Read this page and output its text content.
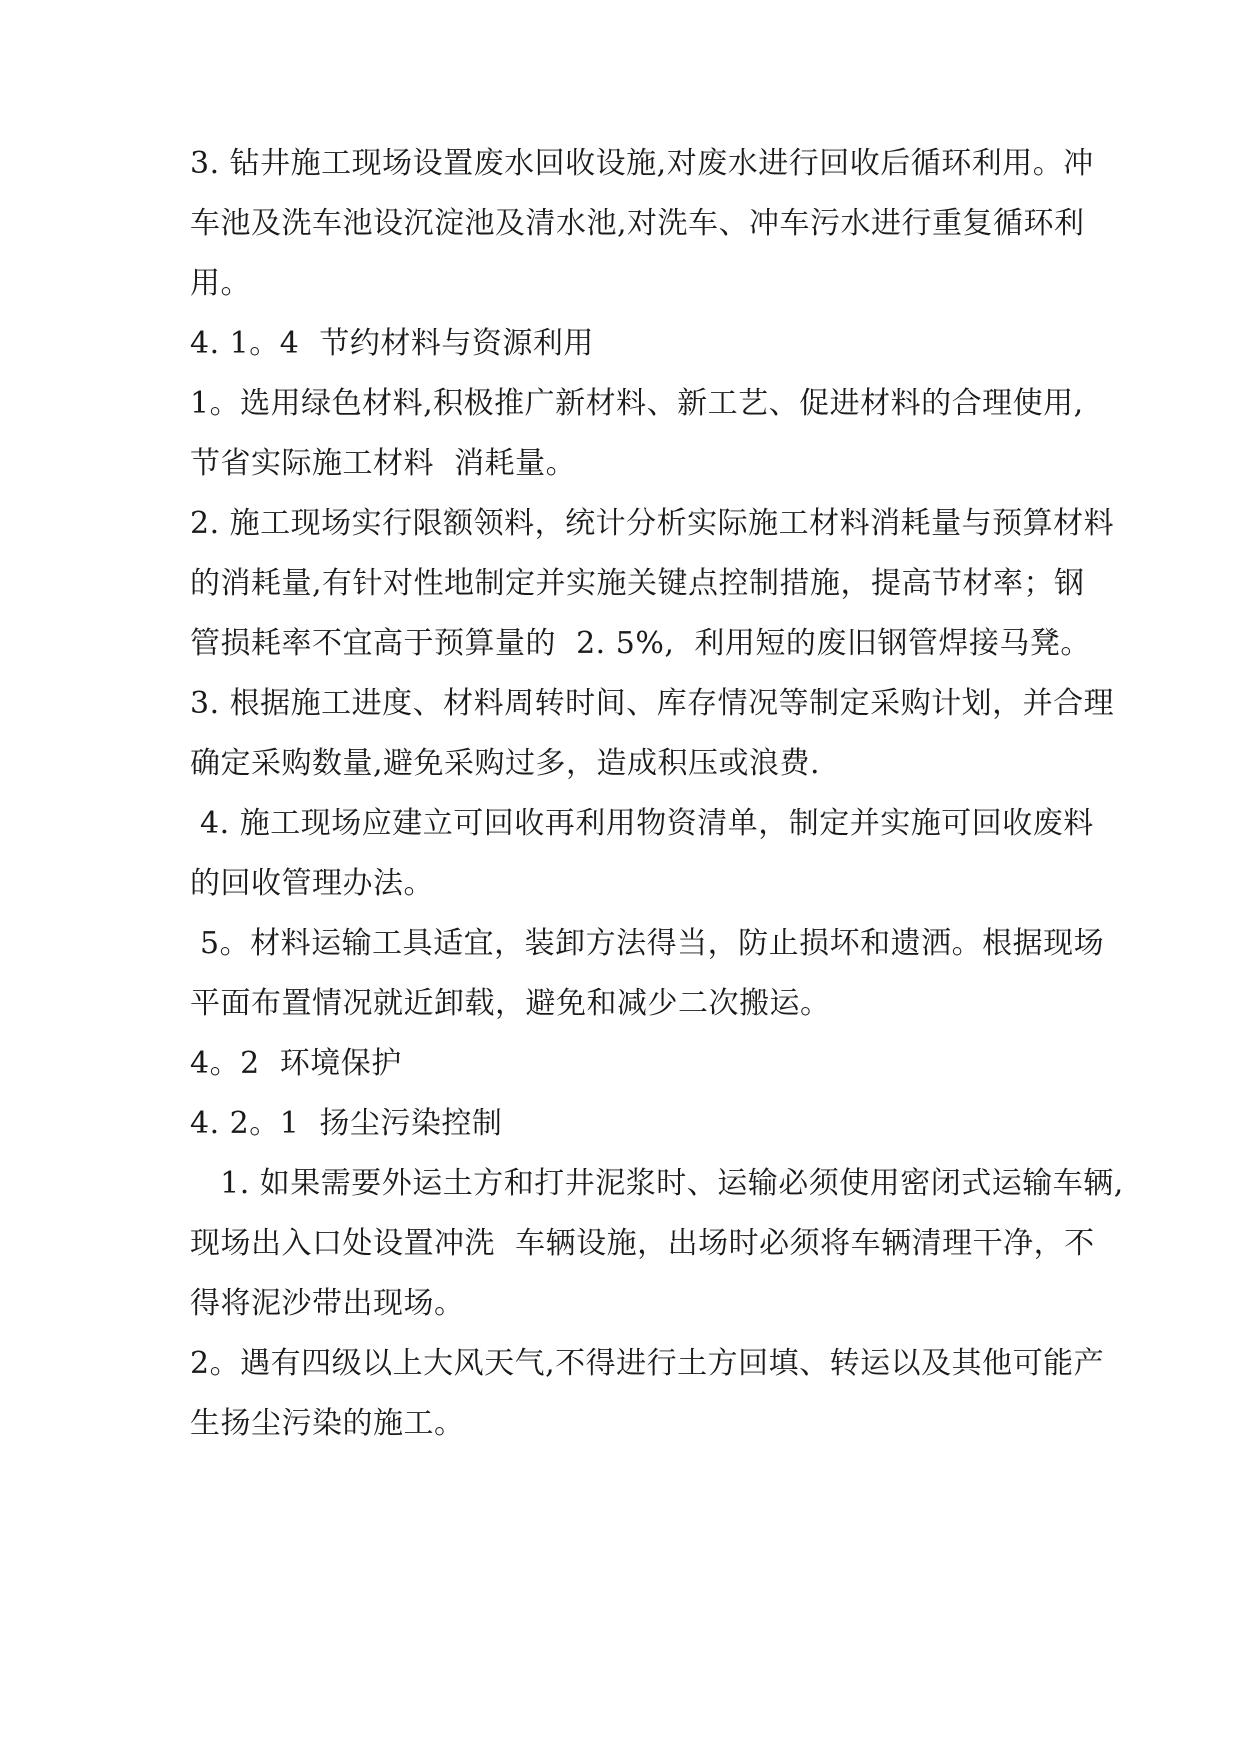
3. 钻井施工现场设置废水回收设施,对废水进行回收后循环利用。冲
车池及洗车池设沉淀池及清水池,对洗车、冲车污水进行重复循环利
用。
4. 1。4  节约材料与资源利用
1。选用绿色材料,积极推广新材料、新工艺、促进材料的合理使用,
节省实际施工材料  消耗量。
2. 施工现场实行限额领料，统计分析实际施工材料消耗量与预算材料
的消耗量,有针对性地制定并实施关键点控制措施，提高节材率；钢
管损耗率不宜高于预算量的  2. 5%,  利用短的废旧钢管焊接马凳。
3. 根据施工进度、材料周转时间、库存情况等制定采购计划，并合理
确定采购数量,避免采购过多，造成积压或浪费.
4. 施工现场应建立可回收再利用物资清单，制定并实施可回收废料
的回收管理办法。
5。材料运输工具适宜，装卸方法得当，防止损坏和遗洒。根据现场
平面布置情况就近卸载，避免和减少二次搬运。
4。2  环境保护
4. 2。1  扬尘污染控制
1. 如果需要外运土方和打井泥浆时、运输必须使用密闭式运输车辆,
现场出入口处设置冲洗  车辆设施，出场时必须将车辆清理干净，不
得将泥沙带出现场。
2。遇有四级以上大风天气,不得进行土方回填、转运以及其他可能产
生扬尘污染的施工。
